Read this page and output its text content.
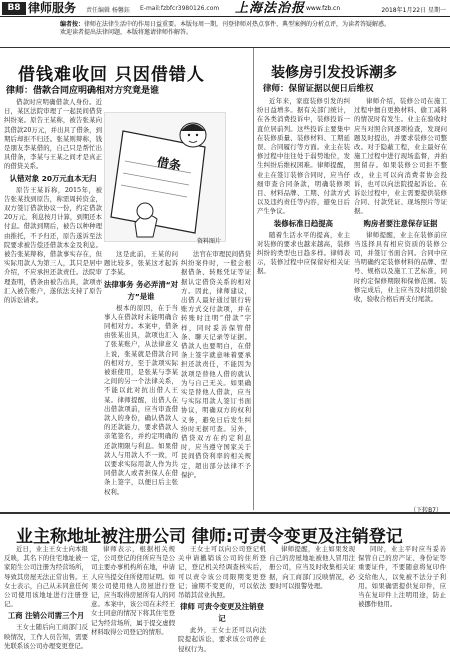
B8 律师服务 责任编辑 杨馨鈺 E-mail:fzbfcr3980126.com 上海法治报 www.fzb.cn	2018年1月22日 星期一
编者按：律师在法律生活中的作用日益重要。本版每周一期，刊登律师对热点事件、典型案例的分析点评，为读者答疑解惑。
欢迎读者提出法律问题，本版将邀请律师作解答。
借钱难收回 只因借错人
律师：借款合同应明确相对方究竟是谁

借款时应明确借款人身份。近日，某区法院审理了一起民间借贷纠纷案。原告王某称，被告张某向其借款20万元，并出具了借条，到期后却拒不归还。张某则辩称，钱是朋友李某借的，自己只是帮忙出具借条，李某与王某之间才是真正的借贷关系。

认错对象 20万元血本无归

原告王某诉称，2015年，被告张某找到原告，称需周转资金，双方签订借款协议一份，约定借款20万元，利息按月计算，到期还本付息。借款到期后，被告以种种理由推托，不予归还，原告遂诉至法院要求被告偿还借款本金及利息。被告张某辩称，借款事实存在，但实际用款人为第三人，其只是居中介绍，不应承担还款责任。法院审理查明，借条由被告出具，款项亦汇入被告账户，遂依法支持了原告的诉讼请求。

借条
资料图片

这是此前，王某的问题比较多，张某这才起诉了李某。

法律事务 务必弄清“对方”是谁

根本的原因，在于当事人在借款时未能明确合同相对方。本案中，借条由张某出具，款项也汇入了张某账户，从法律意义上说，张某就是借款合同的相对方，至于款项实际被谁使用，是张某与李某之间的另一个法律关系，不能以此对抗出借人王某。律师提醒，出借人在出借款项前，应当审查借款人的身份，确认借款人的还款能力，要求借款人亲笔签名，并约定明确的还款期限与利息。如果借款人与用款人不一致，可以要求实际用款人作为共同借款人或者担保人在借条上签字，以便日后主张权利。

法官在审理民间借贷纠纷案件时，一般会根据借条、转账凭证等证据认定借贷关系的相对方。因此，律师建议，出借人最好通过银行转账方式交付款项，并在转账时注明“借款”字样，同时妥善保管借条、聊天记录等证据。借款人也要明白，在借条上签字就意味着要承担还款责任，不能因为款项是替他人借的就认为与自己无关。如果确实是替他人借款，应当与实际用款人签订书面协议，明确双方的权利义务，避免日后发生纠纷时无据可查。另外，借贷双方在约定利息时，应当遵守国家关于民间借贷利率的相关规定，超出部分法律不予保护。

装修房引发投诉潮多
律师：保留证据以便日后维权

近年来，家庭装修引发的纠纷日益增多。据有关部门统计，在各类消费投诉中，装修投诉一直位居前列。这些投诉主要集中在装修质量、装修材料、工期延误、合同履行等方面。业主在装修过程中往往处于弱势地位，发生纠纷后维权困难。律师提醒，业主在签订装修合同时，应当仔细审查合同条款，明确装修项目、材料品牌、工期、付款方式以及违约责任等内容，避免日后产生争议。

装修标准日趋提高

随着生活水平的提高，业主对装修的要求也越来越高，装修纠纷的类型也日趋多样。律师表示，装修过程中应保留好相关证据。

律师介绍，装修公司在施工过程中擅自更换材料、偷工减料的情况时有发生。业主在验收时应当对照合同逐项检查，发现问题及时提出，并要求装修公司整改。对于隐蔽工程，业主最好在施工过程中进行现场监督，并拍照留存。如果装修公司拒不整改，业主可以向消费者协会投诉，也可以向法院提起诉讼。在诉讼过程中，业主需要提供装修合同、付款凭证、现场照片等证据。

购房者要注意保存证据

律师提醒，业主在装修前应当选择具有相应资质的装修公司，并签订书面合同。合同中应当明确约定装修材料的品牌、型号、规格以及施工工艺标准，同时约定保修期限和保修范围。装修完成后，业主应当及时组织验收，验收合格后再支付尾款。

（下转B7）
业主称地址被注册公司 律师:可责令变更及注销登记

近日，业主王女士向本报反映，其名下的住宅地址被一家陌生公司注册为经营场所，导致其房屋无法正常出售。王女士表示，自己从未同意任何公司使用该地址进行注册登记。

工商 注销公司需三个月

王女士随后向工商部门反映情况，工作人员告知，需要先联系该公司办理变更登记。

律师表示，根据相关规定，公司登记的住所应当是公司主要办事机构所在地，申请人应当提交住所使用证明。如果公司使用他人房屋进行登记，应当取得房屋所有人的同意。本案中，该公司在未经王女士同意的情况下将其住宅登记为经营场所，属于提交虚假材料取得公司登记的情形。

王女士可以向公司登记机关申请撤销该公司的住所登记，登记机关经调查核实后，可以责令该公司限期变更登记；逾期不变更的，可以依法吊销其营业执照。

律师 可责令变更及注销登记

此外，王女士还可以向法院提起诉讼，要求该公司停止侵权行为。

律师提醒，业主如果发现自己的房屋地址被他人冒用注册公司，应当及时收集相关证据，向工商部门反映情况，必要时可以报警处理。

同时，业主平时应当妥善保管自己的房产证、身份证等重要证件，不要随意将复印件交给他人，以免被不法分子利用。如果确需提供复印件，应当在复印件上注明用途，防止被挪作他用。
